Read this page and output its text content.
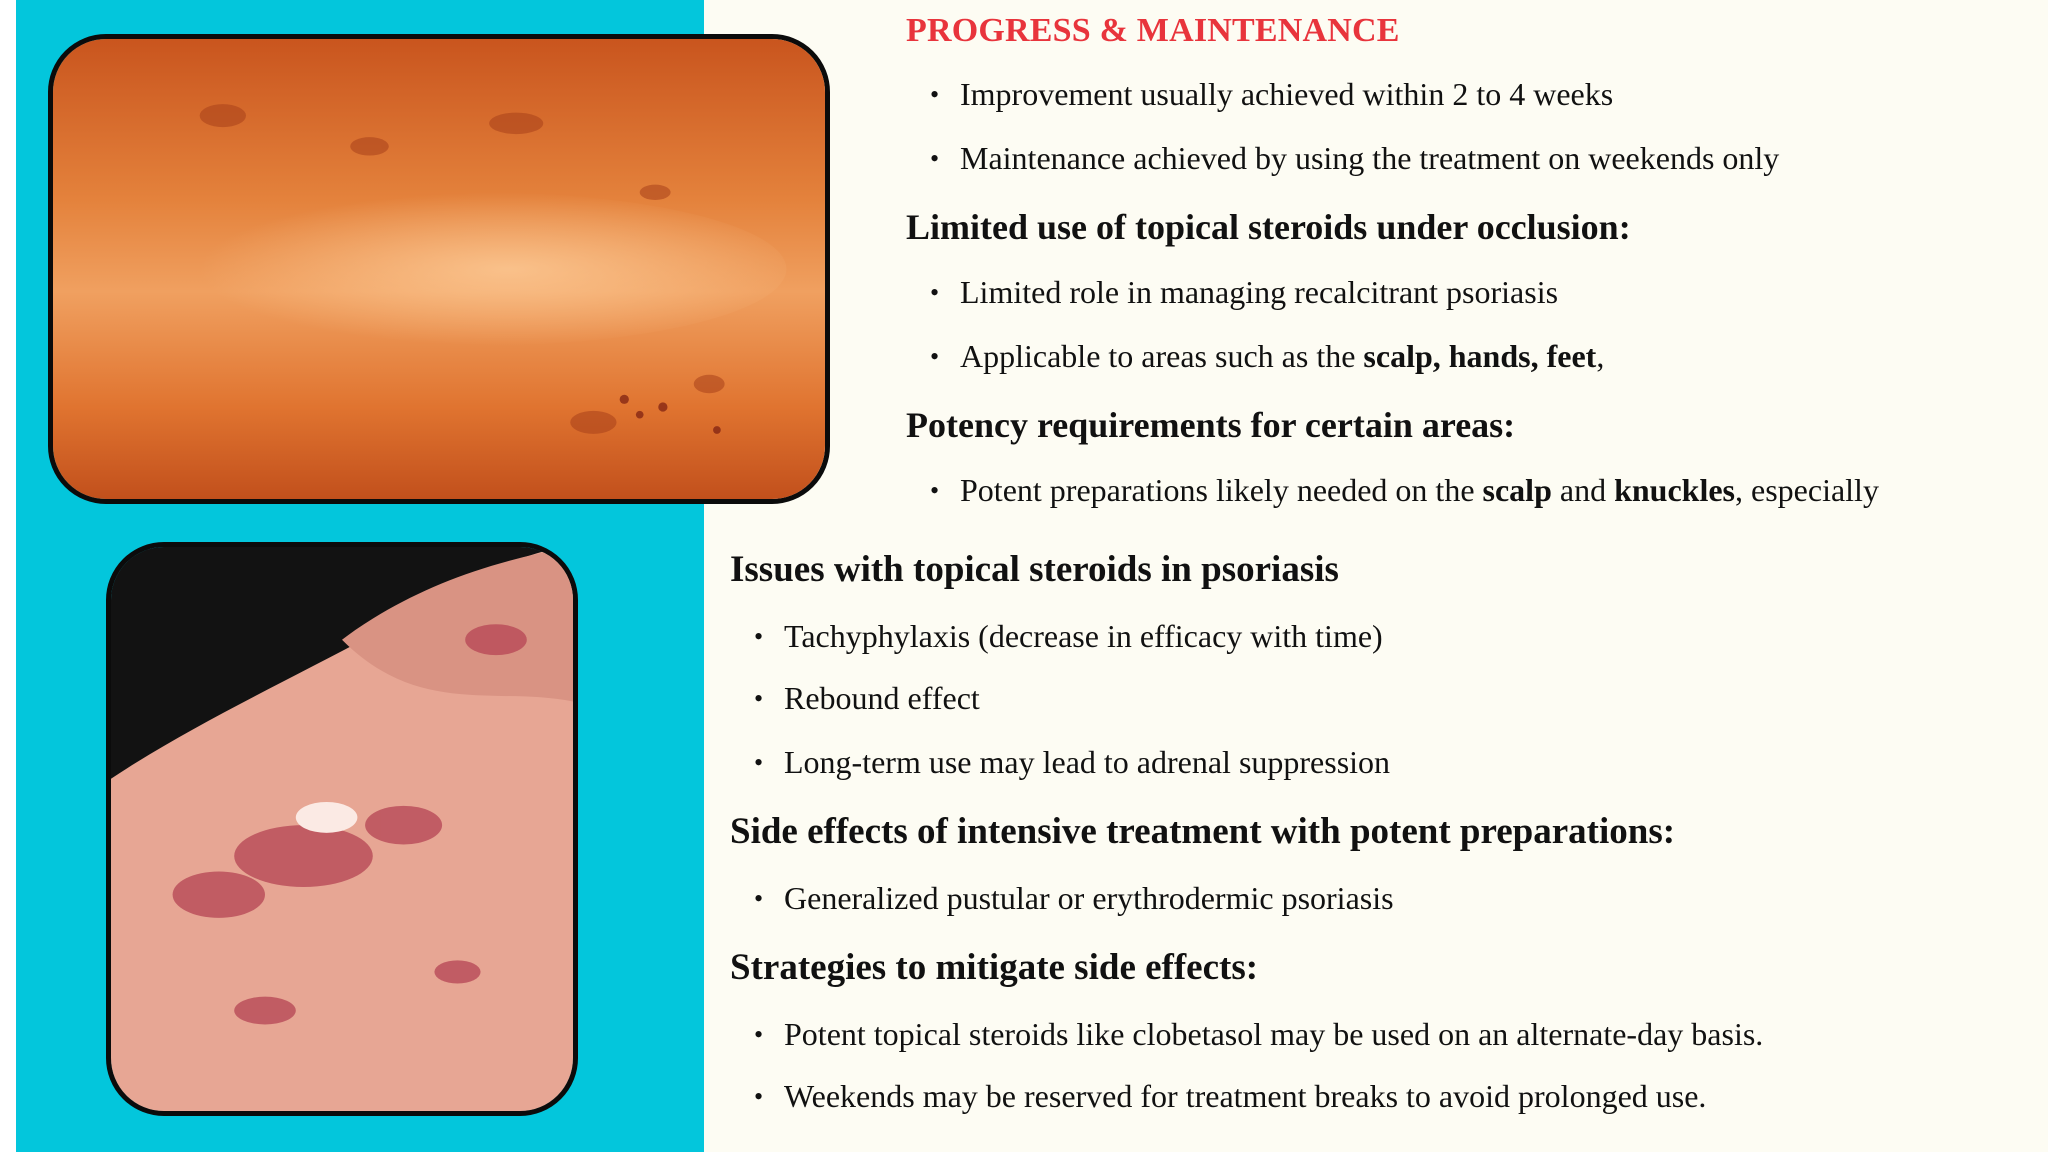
PROGRESS & MAINTENANCE
• Improvement usually achieved within 2 to 4 weeks
• Maintenance achieved by using the treatment on weekends only
Limited use of topical steroids under occlusion:
• Limited role in managing recalcitrant psoriasis
• Applicable to areas such as the scalp, hands, feet,
Potency requirements for certain areas:
• Potent preparations likely needed on the scalp and knuckles, especially
Issues with topical steroids in psoriasis
• Tachyphylaxis (decrease in efficacy with time)
• Rebound effect
• Long-term use may lead to adrenal suppression
Side effects of intensive treatment with potent preparations:
• Generalized pustular or erythrodermic psoriasis
Strategies to mitigate side effects:
• Potent topical steroids like clobetasol may be used on an alternate-day basis.
• Weekends may be reserved for treatment breaks to avoid prolonged use.
